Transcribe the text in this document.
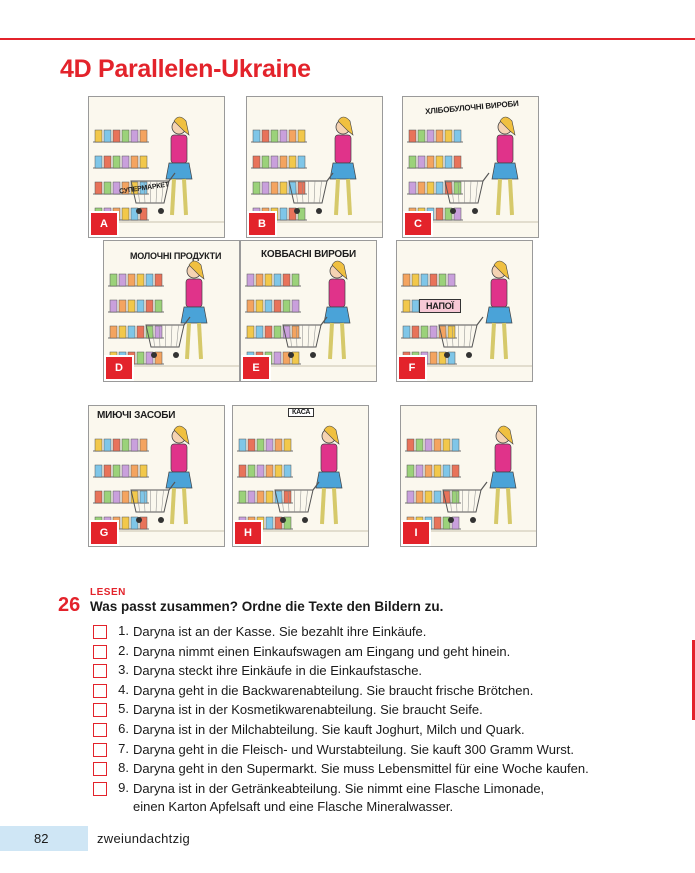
4D Parallelen-Ukraine
СУПЕРМАРКЕТ
A	B
ХЛІБОБУЛОЧНІ ВИРОБИ
C
МОЛОЧНІ ПРОДУКТИ
D
КОВБАСНІ ВИРОБИ
E
НАПОЇ
F
МИЮЧІ ЗАСОБИ
G
КАСА
H	I
LESEN
26 Was passt zusammen? Ordne die Texte den Bildern zu.
1. Daryna ist an der Kasse. Sie bezahlt ihre Einkäufe.
2. Daryna nimmt einen Einkaufswagen am Eingang und geht hinein.
3. Daryna steckt ihre Einkäufe in die Einkaufstasche.
4. Daryna geht in die Backwarenabteilung. Sie braucht frische Brötchen.
5. Daryna ist in der Kosmetikwarenabteilung. Sie braucht Seife.
6. Daryna ist in der Milchabteilung. Sie kauft Joghurt, Milch und Quark.
7. Daryna geht in die Fleisch- und Wurstabteilung. Sie kauft 300 Gramm Wurst.
8. Daryna geht in den Supermarkt. Sie muss Lebensmittel für eine Woche kaufen.
9. Daryna ist in der Getränkeabteilung. Sie nimmt eine Flasche Limonade, einen Karton Apfelsaft und eine Flasche Mineralwasser.
82	zweiundachtzig
